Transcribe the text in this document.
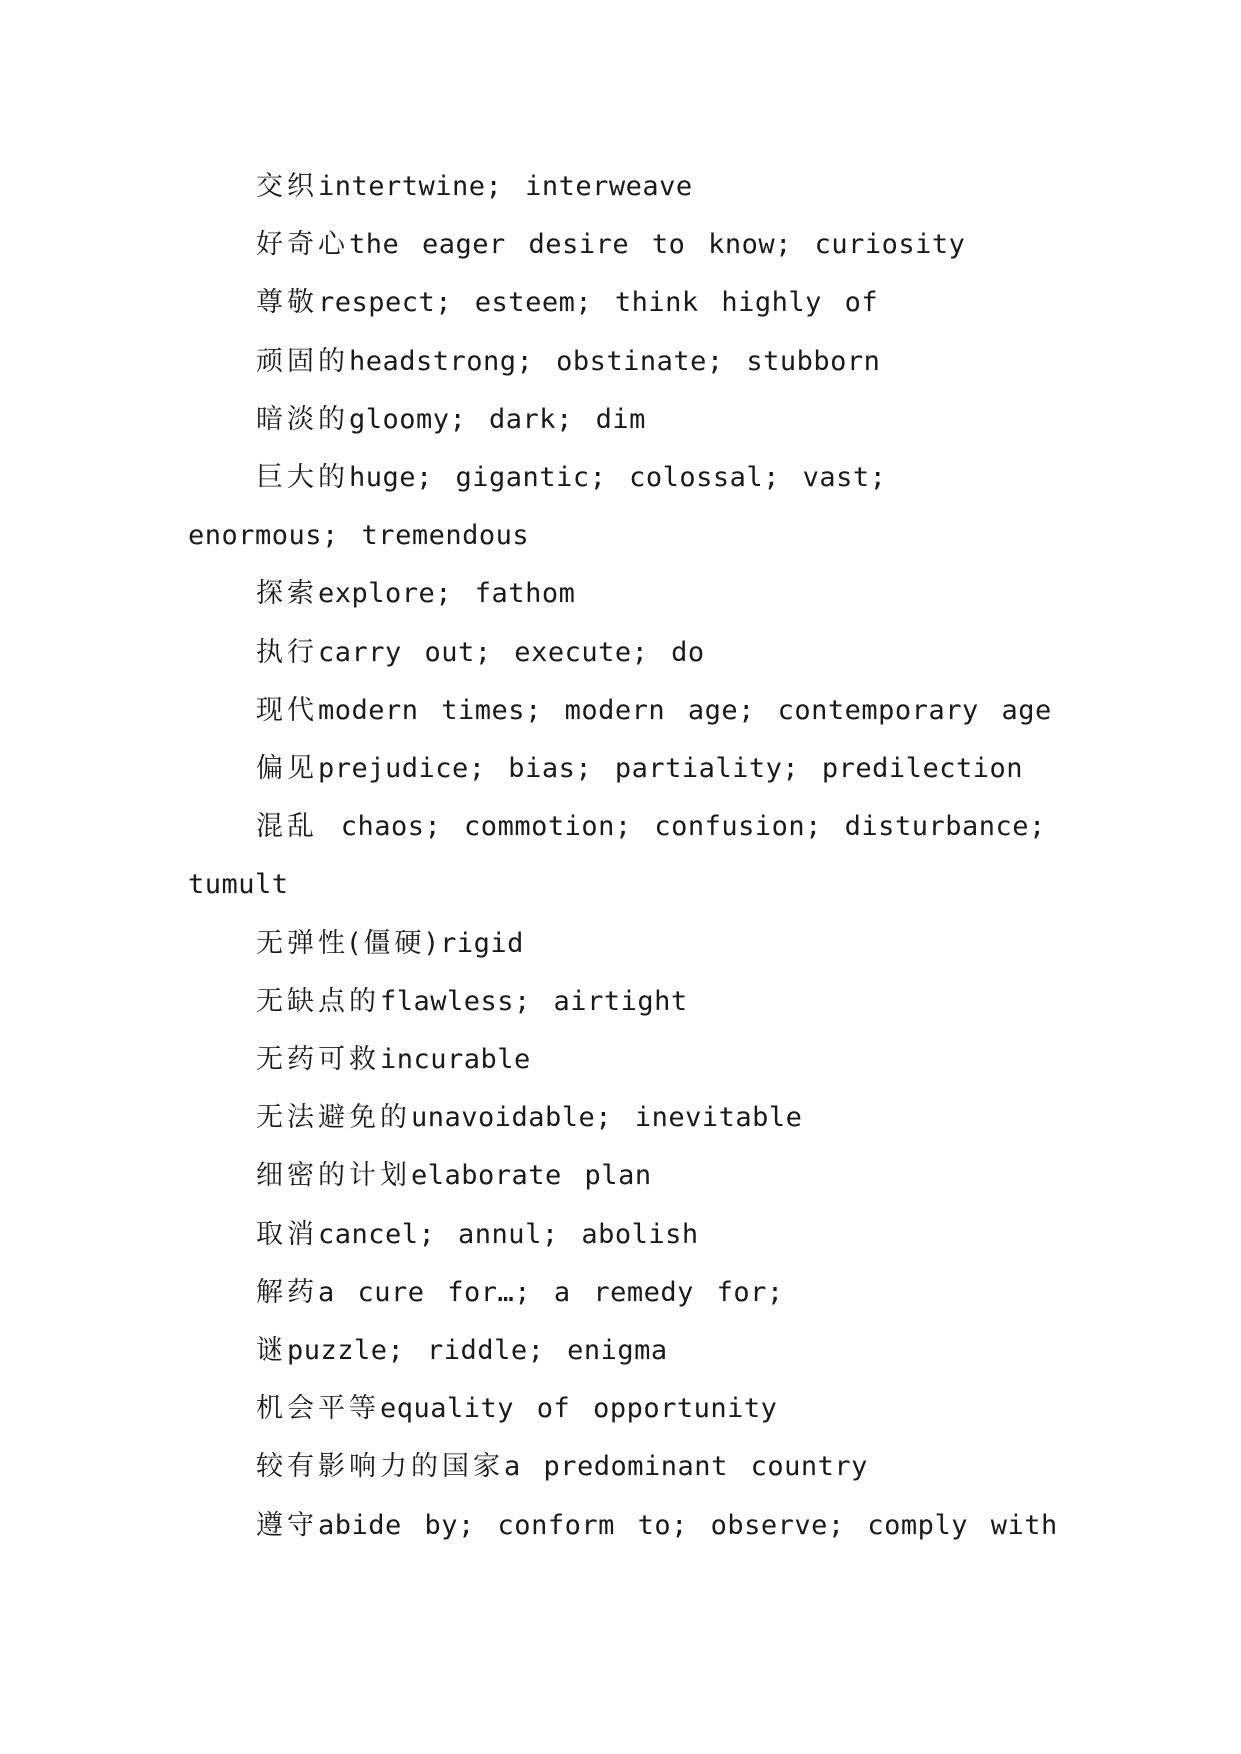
交织intertwine; interweave

好奇心the eager desire to know; curiosity

尊敬respect; esteem; think highly of

顽固的headstrong; obstinate; stubborn

暗淡的gloomy; dark; dim

巨大的huge; gigantic; colossal; vast; enormous; tremendous

探索explore; fathom

执行carry out; execute; do

现代modern times; modern age; contemporary age

偏见prejudice; bias; partiality; predilection

混乱 chaos; commotion; confusion; disturbance; tumult

无弹性(僵硬)rigid

无缺点的flawless; airtight

无药可救incurable

无法避免的unavoidable; inevitable

细密的计划elaborate plan

取消cancel; annul; abolish

解药a cure for…; a remedy for;

谜puzzle; riddle; enigma

机会平等equality of opportunity

较有影响力的国家a predominant country

遵守abide by; conform to; observe; comply with
